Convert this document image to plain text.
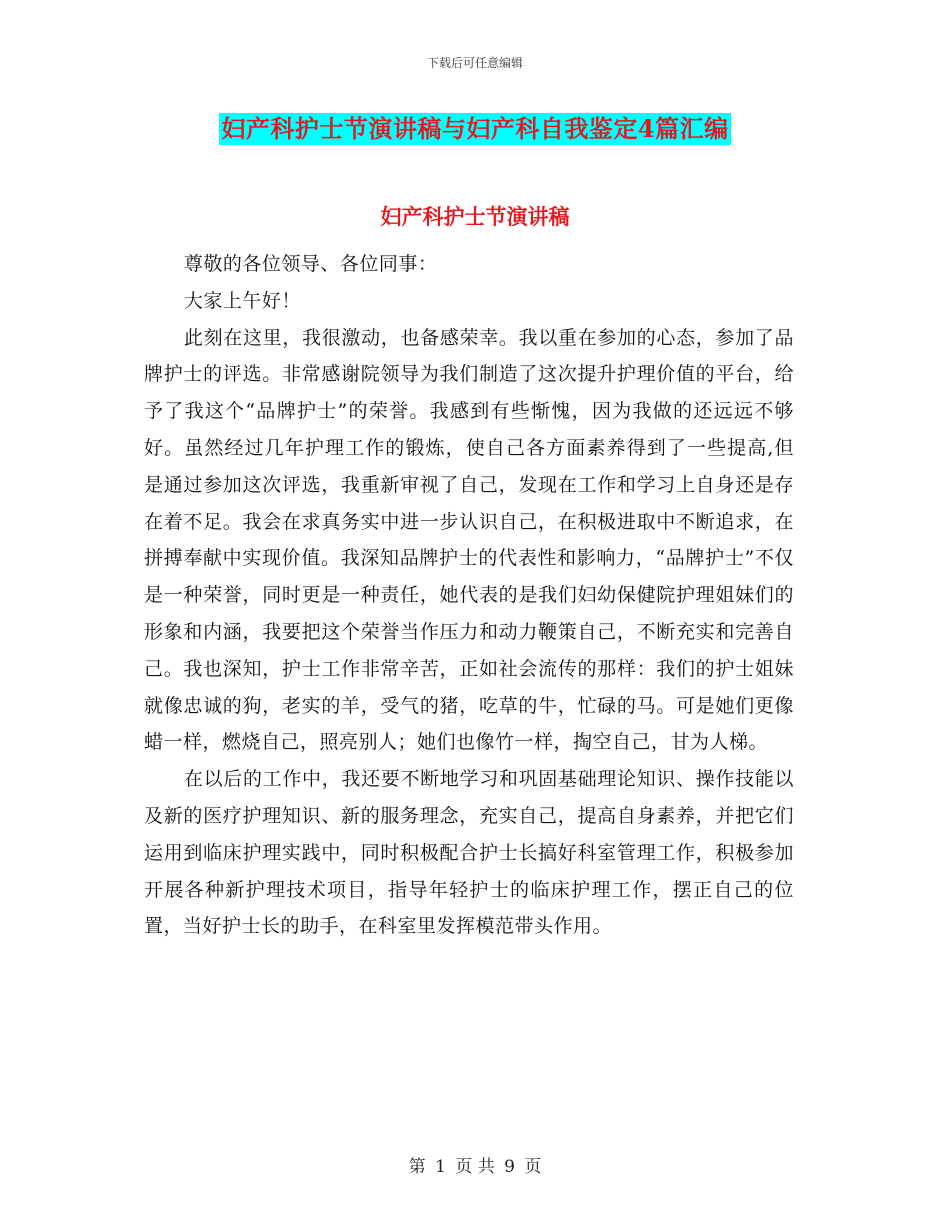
下载后可任意编辑
妇产科护士节演讲稿与妇产科自我鉴定4篇汇编
妇产科护士节演讲稿

尊敬的各位领导、各位同事：

大家上午好！

此刻在这里，我很激动，也备感荣幸。我以重在参加的心态，参加了品牌护士的评选。非常感谢院领导为我们制造了这次提升护理价值的平台，给予了我这个“品牌护士”的荣誉。我感到有些惭愧，因为我做的还远远不够好。虽然经过几年护理工作的锻炼，使自己各方面素养得到了一些提高,但是通过参加这次评选，我重新审视了自己，发现在工作和学习上自身还是存在着不足。我会在求真务实中进一步认识自己，在积极进取中不断追求，在拼搏奉献中实现价值。我深知品牌护士的代表性和影响力，“品牌护士”不仅是一种荣誉，同时更是一种责任，她代表的是我们妇幼保健院护理姐妹们的形象和内涵，我要把这个荣誉当作压力和动力鞭策自己，不断充实和完善自己。我也深知，护士工作非常辛苦，正如社会流传的那样：我们的护士姐妹就像忠诚的狗，老实的羊，受气的猪，吃草的牛，忙碌的马。可是她们更像蜡一样，燃烧自己，照亮别人；她们也像竹一样，掏空自己，甘为人梯。

在以后的工作中，我还要不断地学习和巩固基础理论知识、操作技能以及新的医疗护理知识、新的服务理念，充实自己，提高自身素养，并把它们运用到临床护理实践中，同时积极配合护士长搞好科室管理工作，积极参加开展各种新护理技术项目，指导年轻护士的临床护理工作，摆正自己的位置，当好护士长的助手，在科室里发挥模范带头作用。

第 1 页 共 9 页
